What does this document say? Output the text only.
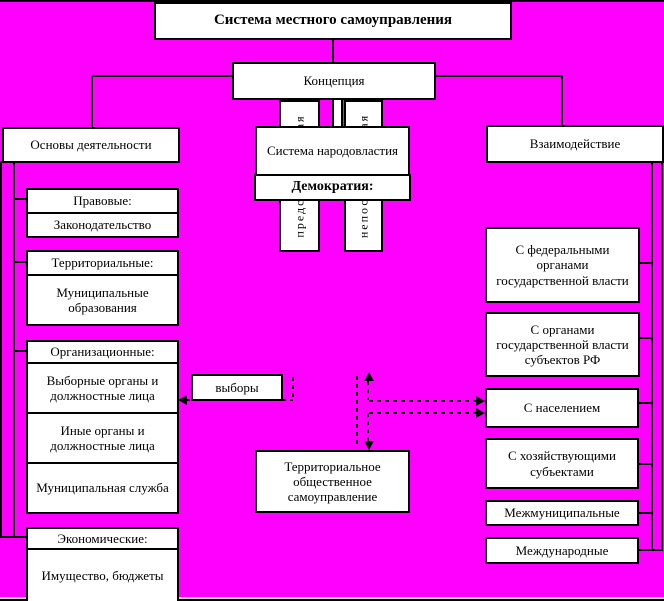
Система местного самоуправления
Концепция
Система народовластия
Демократия:
Основы деятельности
Правовые:
Законодательство
Территориальные:
Муниципальные образования
Организационные:
Выборные органы и должностные лица
Иные органы и должностные лица
Муниципальная служба
Экономические:
Имущество, бюджеты
Взаимодействие
С федеральными органами государственной власти
С органами государственной власти субъектов РФ
С населением
С хозяйствующими субъектами
Межмуниципальные
Международные
выборы
Территориальное общественное самоуправление
